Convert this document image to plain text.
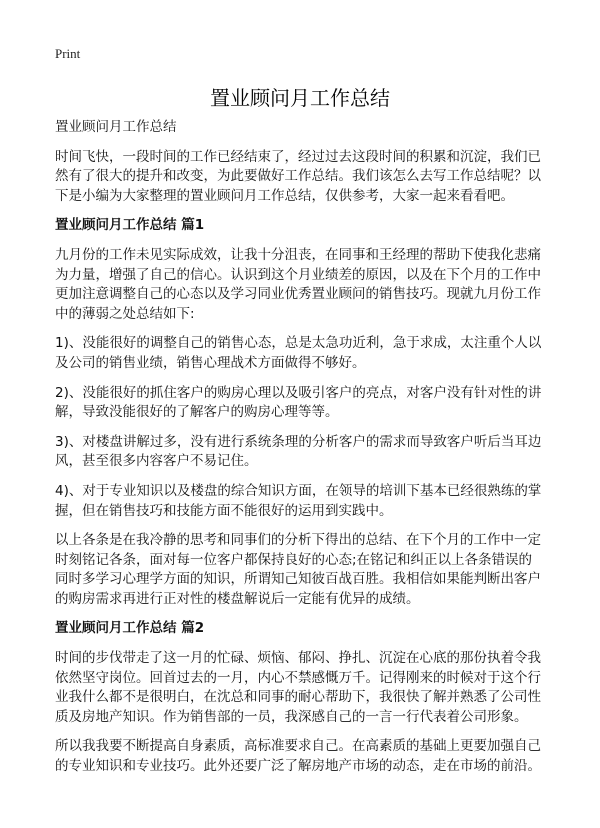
Print
置业顾问月工作总结
置业顾问月工作总结
时间飞快，一段时间的工作已经结束了，经过过去这段时间的积累和沉淀，我们已
然有了很大的提升和改变，为此要做好工作总结。我们该怎么去写工作总结呢？以
下是小编为大家整理的置业顾问月工作总结，仅供参考，大家一起来看看吧。
置业顾问月工作总结 篇1
九月份的工作未见实际成效，让我十分沮丧，在同事和王经理的帮助下使我化悲痛
为力量，增强了自己的信心。认识到这个月业绩差的原因，以及在下个月的工作中
更加注意调整自己的心态以及学习同业优秀置业顾问的销售技巧。现就九月份工作
中的薄弱之处总结如下:
1)、没能很好的调整自己的销售心态，总是太急功近利，急于求成，太注重个人以
及公司的销售业绩，销售心理战术方面做得不够好。
2)、没能很好的抓住客户的购房心理以及吸引客户的亮点，对客户没有针对性的讲
解，导致没能很好的了解客户的购房心理等等。
3)、对楼盘讲解过多，没有进行系统条理的分析客户的需求而导致客户听后当耳边
风，甚至很多内容客户不易记住。
4)、对于专业知识以及楼盘的综合知识方面，在领导的培训下基本已经很熟练的掌
握，但在销售技巧和技能方面不能很好的运用到实践中。
以上各条是在我冷静的思考和同事们的分析下得出的总结、在下个月的工作中一定
时刻铭记各条，面对每一位客户都保持良好的心态;在铭记和纠正以上各条错误的
同时多学习心理学方面的知识，所谓知己知彼百战百胜。我相信如果能判断出客户
的购房需求再进行正对性的楼盘解说后一定能有优异的成绩。
置业顾问月工作总结 篇2
时间的步伐带走了这一月的忙碌、烦恼、郁闷、挣扎、沉淀在心底的那份执着令我
依然坚守岗位。回首过去的一月，内心不禁感慨万千。记得刚来的时候对于这个行
业我什么都不是很明白，在沈总和同事的耐心帮助下，我很快了解并熟悉了公司性
质及房地产知识。作为销售部的一员，我深感自己的一言一行代表着公司形象。
所以我我要不断提高自身素质，高标准要求自己。在高素质的基础上更要加强自己
的专业知识和专业技巧。此外还要广泛了解房地产市场的动态，走在市场的前沿。
